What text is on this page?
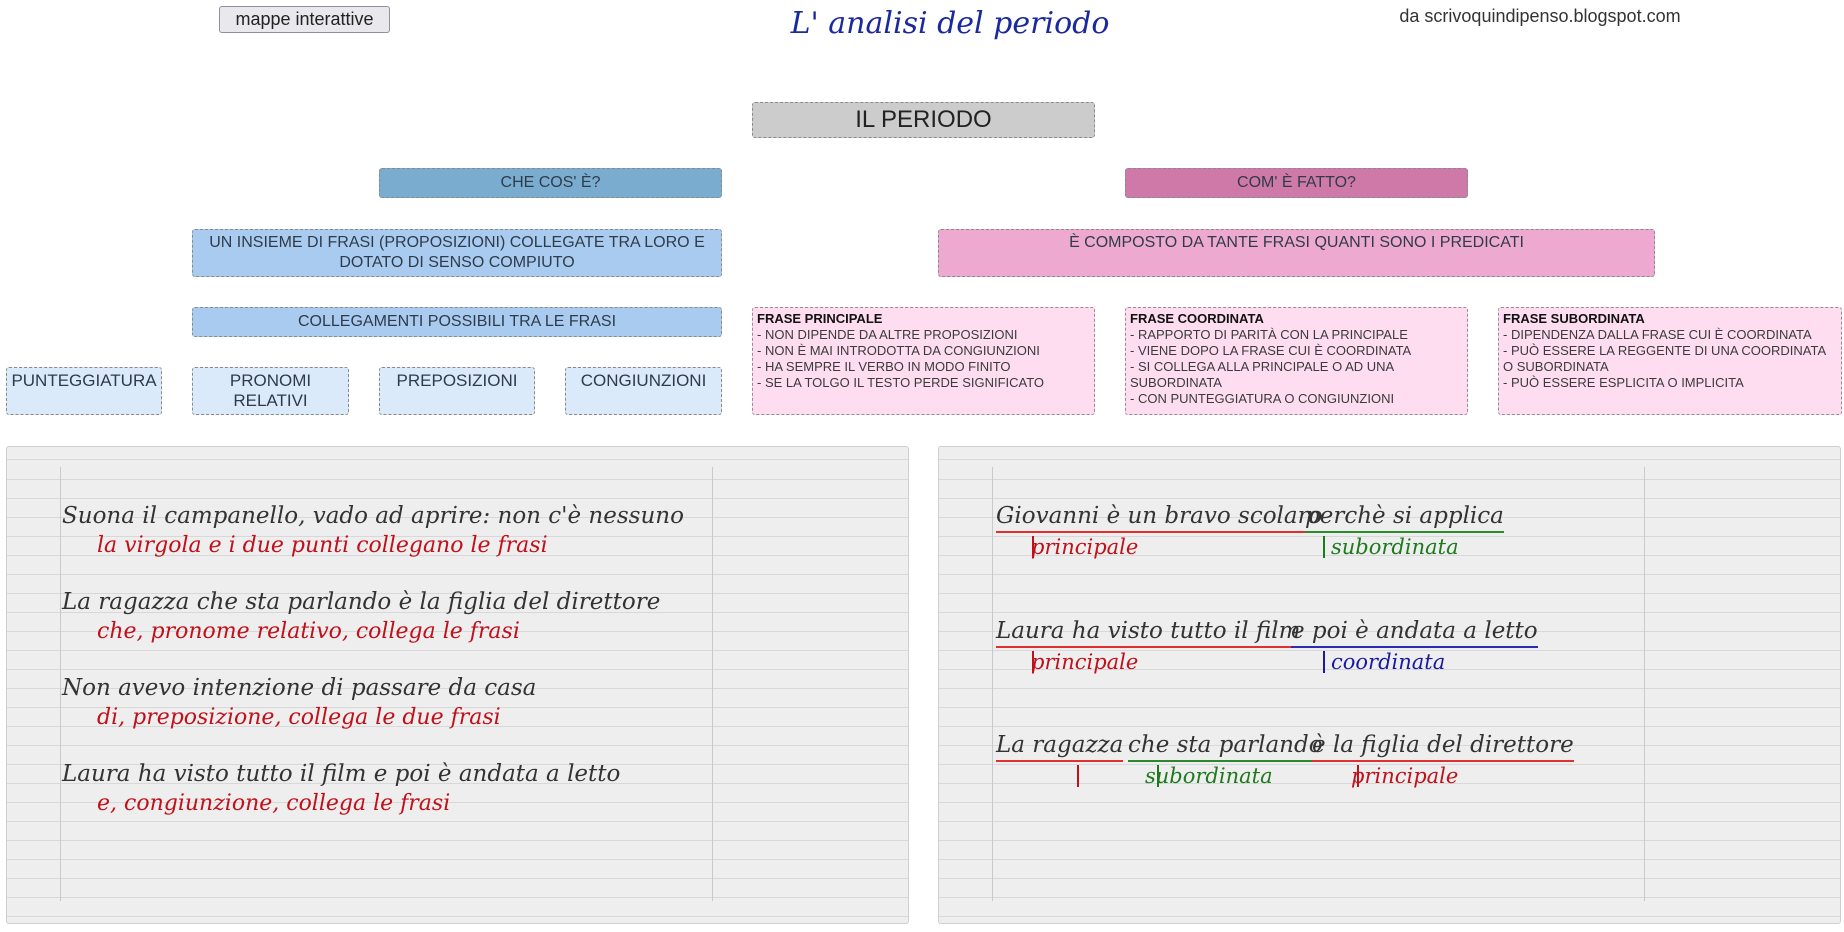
mappe interattive	L' analisi del periodo	da scrivoquindipenso.blogspot.com
IL PERIODO
CHE COS' È?	COM' È FATTO?
UN INSIEME DI FRASI (PROPOSIZIONI) COLLEGATE TRA LORO E DOTATO DI SENSO COMPIUTO
È COMPOSTO DA TANTE FRASI QUANTI SONO I PREDICATI
COLLEGAMENTI POSSIBILI TRA LE FRASI
PUNTEGGIATURA	PRONOMI RELATIVI
PREPOSIZIONI	CONGIUNZIONI
FRASE PRINCIPALE
- NON DIPENDE DA ALTRE PROPOSIZIONI
- NON È MAI INTRODOTTA DA CONGIUNZIONI
- HA SEMPRE IL VERBO IN MODO FINITO
- SE LA TOLGO IL TESTO PERDE SIGNIFICATO
FRASE COORDINATA
- RAPPORTO DI PARITÀ CON LA PRINCIPALE
- VIENE DOPO LA FRASE CUI È COORDINATA
- SI COLLEGA ALLA PRINCIPALE O AD UNA SUBORDINATA
- CON PUNTEGGIATURA O CONGIUNZIONI
FRASE SUBORDINATA
- DIPENDENZA DALLA FRASE CUI È COORDINATA
- PUÒ ESSERE LA REGGENTE DI UNA COORDINATA O SUBORDINATA
- PUÒ ESSERE ESPLICITA O IMPLICITA
Suona il campanello, vado ad aprire: non c'è nessuno
la virgola e i due punti collegano le frasi
La ragazza che sta parlando è la figlia del direttore
che, pronome relativo, collega le frasi
Non avevo intenzione di passare da casa
di, preposizione, collega le due frasi
Laura ha visto tutto il film e poi è andata a letto
e, congiunzione, collega le frasi
Giovanni è un bravo scolaro
perchè si applica
principale	subordinata
Laura ha visto tutto il film
e poi è andata a letto
principale	coordinata
La ragazza che sta parlando
è la figlia del direttore
subordinata	principale
